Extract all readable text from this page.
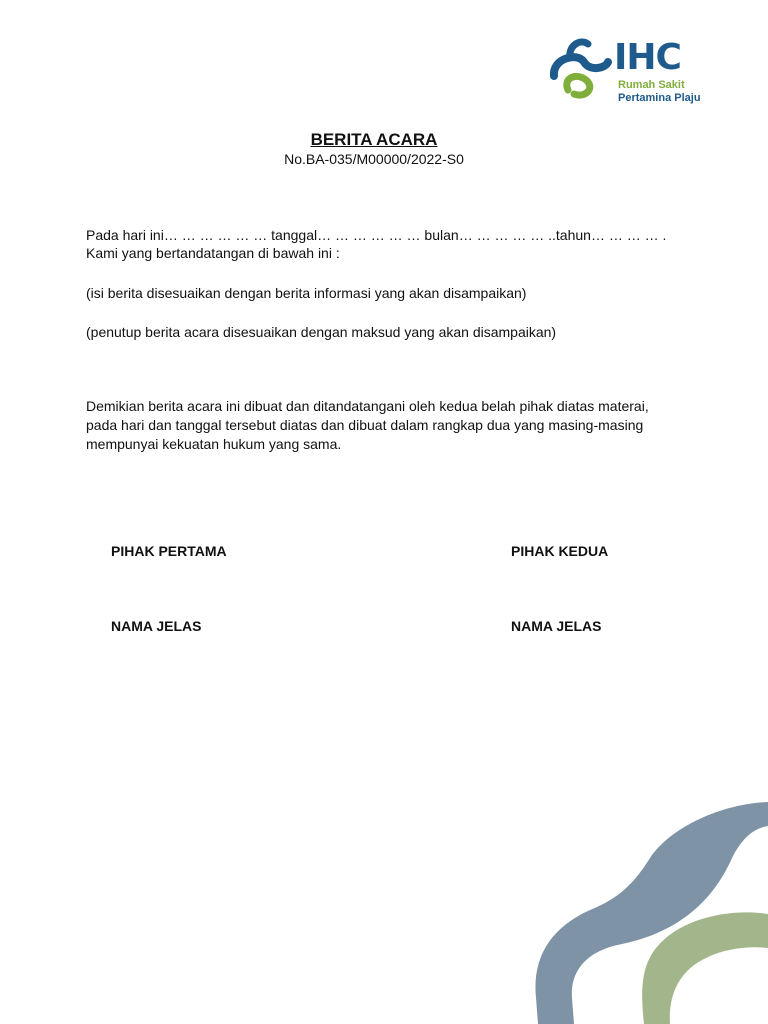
IHC
Rumah Sakit
Pertamina Plaju
BERITA ACARA
No.BA-035/M00000/2022-S0
Pada hari ini… … … … … … tanggal… … … … … … bulan… … … … … ..tahun… … … … .
Kami yang bertandatangan di bawah ini :
(isi berita disesuaikan dengan berita informasi yang akan disampaikan)
(penutup berita acara disesuaikan dengan maksud yang akan disampaikan)
Demikian berita acara ini dibuat dan ditandatangani oleh kedua belah pihak diatas materai,
pada hari dan tanggal tersebut diatas dan dibuat dalam rangkap dua yang masing-masing
mempunyai kekuatan hukum yang sama.
PIHAK PERTAMA	PIHAK KEDUA
NAMA JELAS	NAMA JELAS
